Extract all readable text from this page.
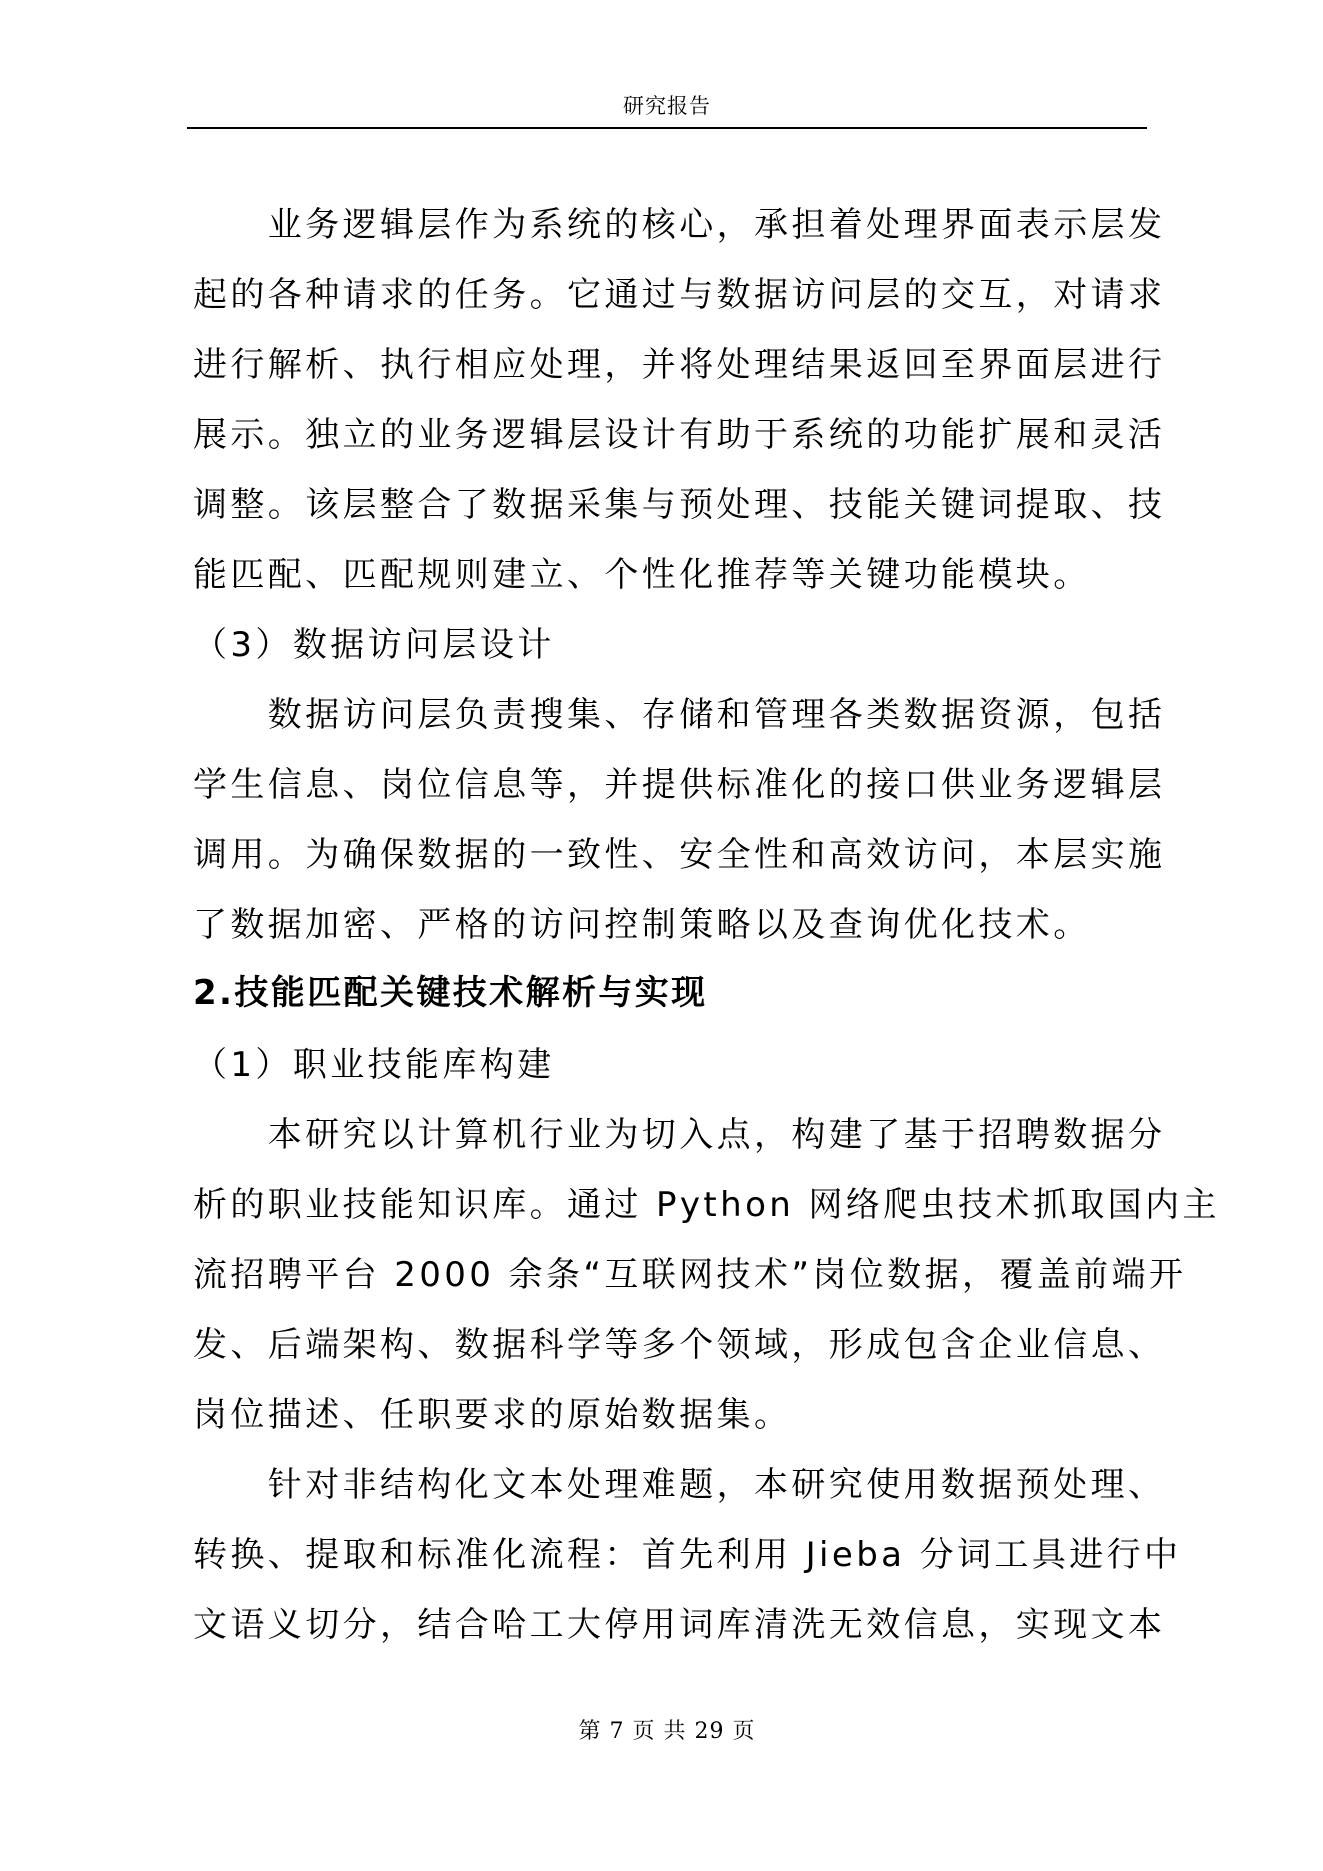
研究报告
　　业务逻辑层作为系统的核心，承担着处理界面表示层发
起的各种请求的任务。它通过与数据访问层的交互，对请求
进行解析、执行相应处理，并将处理结果返回至界面层进行
展示。独立的业务逻辑层设计有助于系统的功能扩展和灵活
调整。该层整合了数据采集与预处理、技能关键词提取、技
能匹配、匹配规则建立、个性化推荐等关键功能模块。
（3）数据访问层设计
　　数据访问层负责搜集、存储和管理各类数据资源，包括
学生信息、岗位信息等，并提供标准化的接口供业务逻辑层
调用。为确保数据的一致性、安全性和高效访问，本层实施
了数据加密、严格的访问控制策略以及查询优化技术。
2.技能匹配关键技术解析与实现
（1）职业技能库构建
　　本研究以计算机行业为切入点，构建了基于招聘数据分
析的职业技能知识库。通过 Python 网络爬虫技术抓取国内主
流招聘平台 2000 余条“互联网技术”岗位数据，覆盖前端开
发、后端架构、数据科学等多个领域，形成包含企业信息、
岗位描述、任职要求的原始数据集。
　　针对非结构化文本处理难题，本研究使用数据预处理、
转换、提取和标准化流程：首先利用 Jieba 分词工具进行中
文语义切分，结合哈工大停用词库清洗无效信息，实现文本
第 7 页 共 29 页
